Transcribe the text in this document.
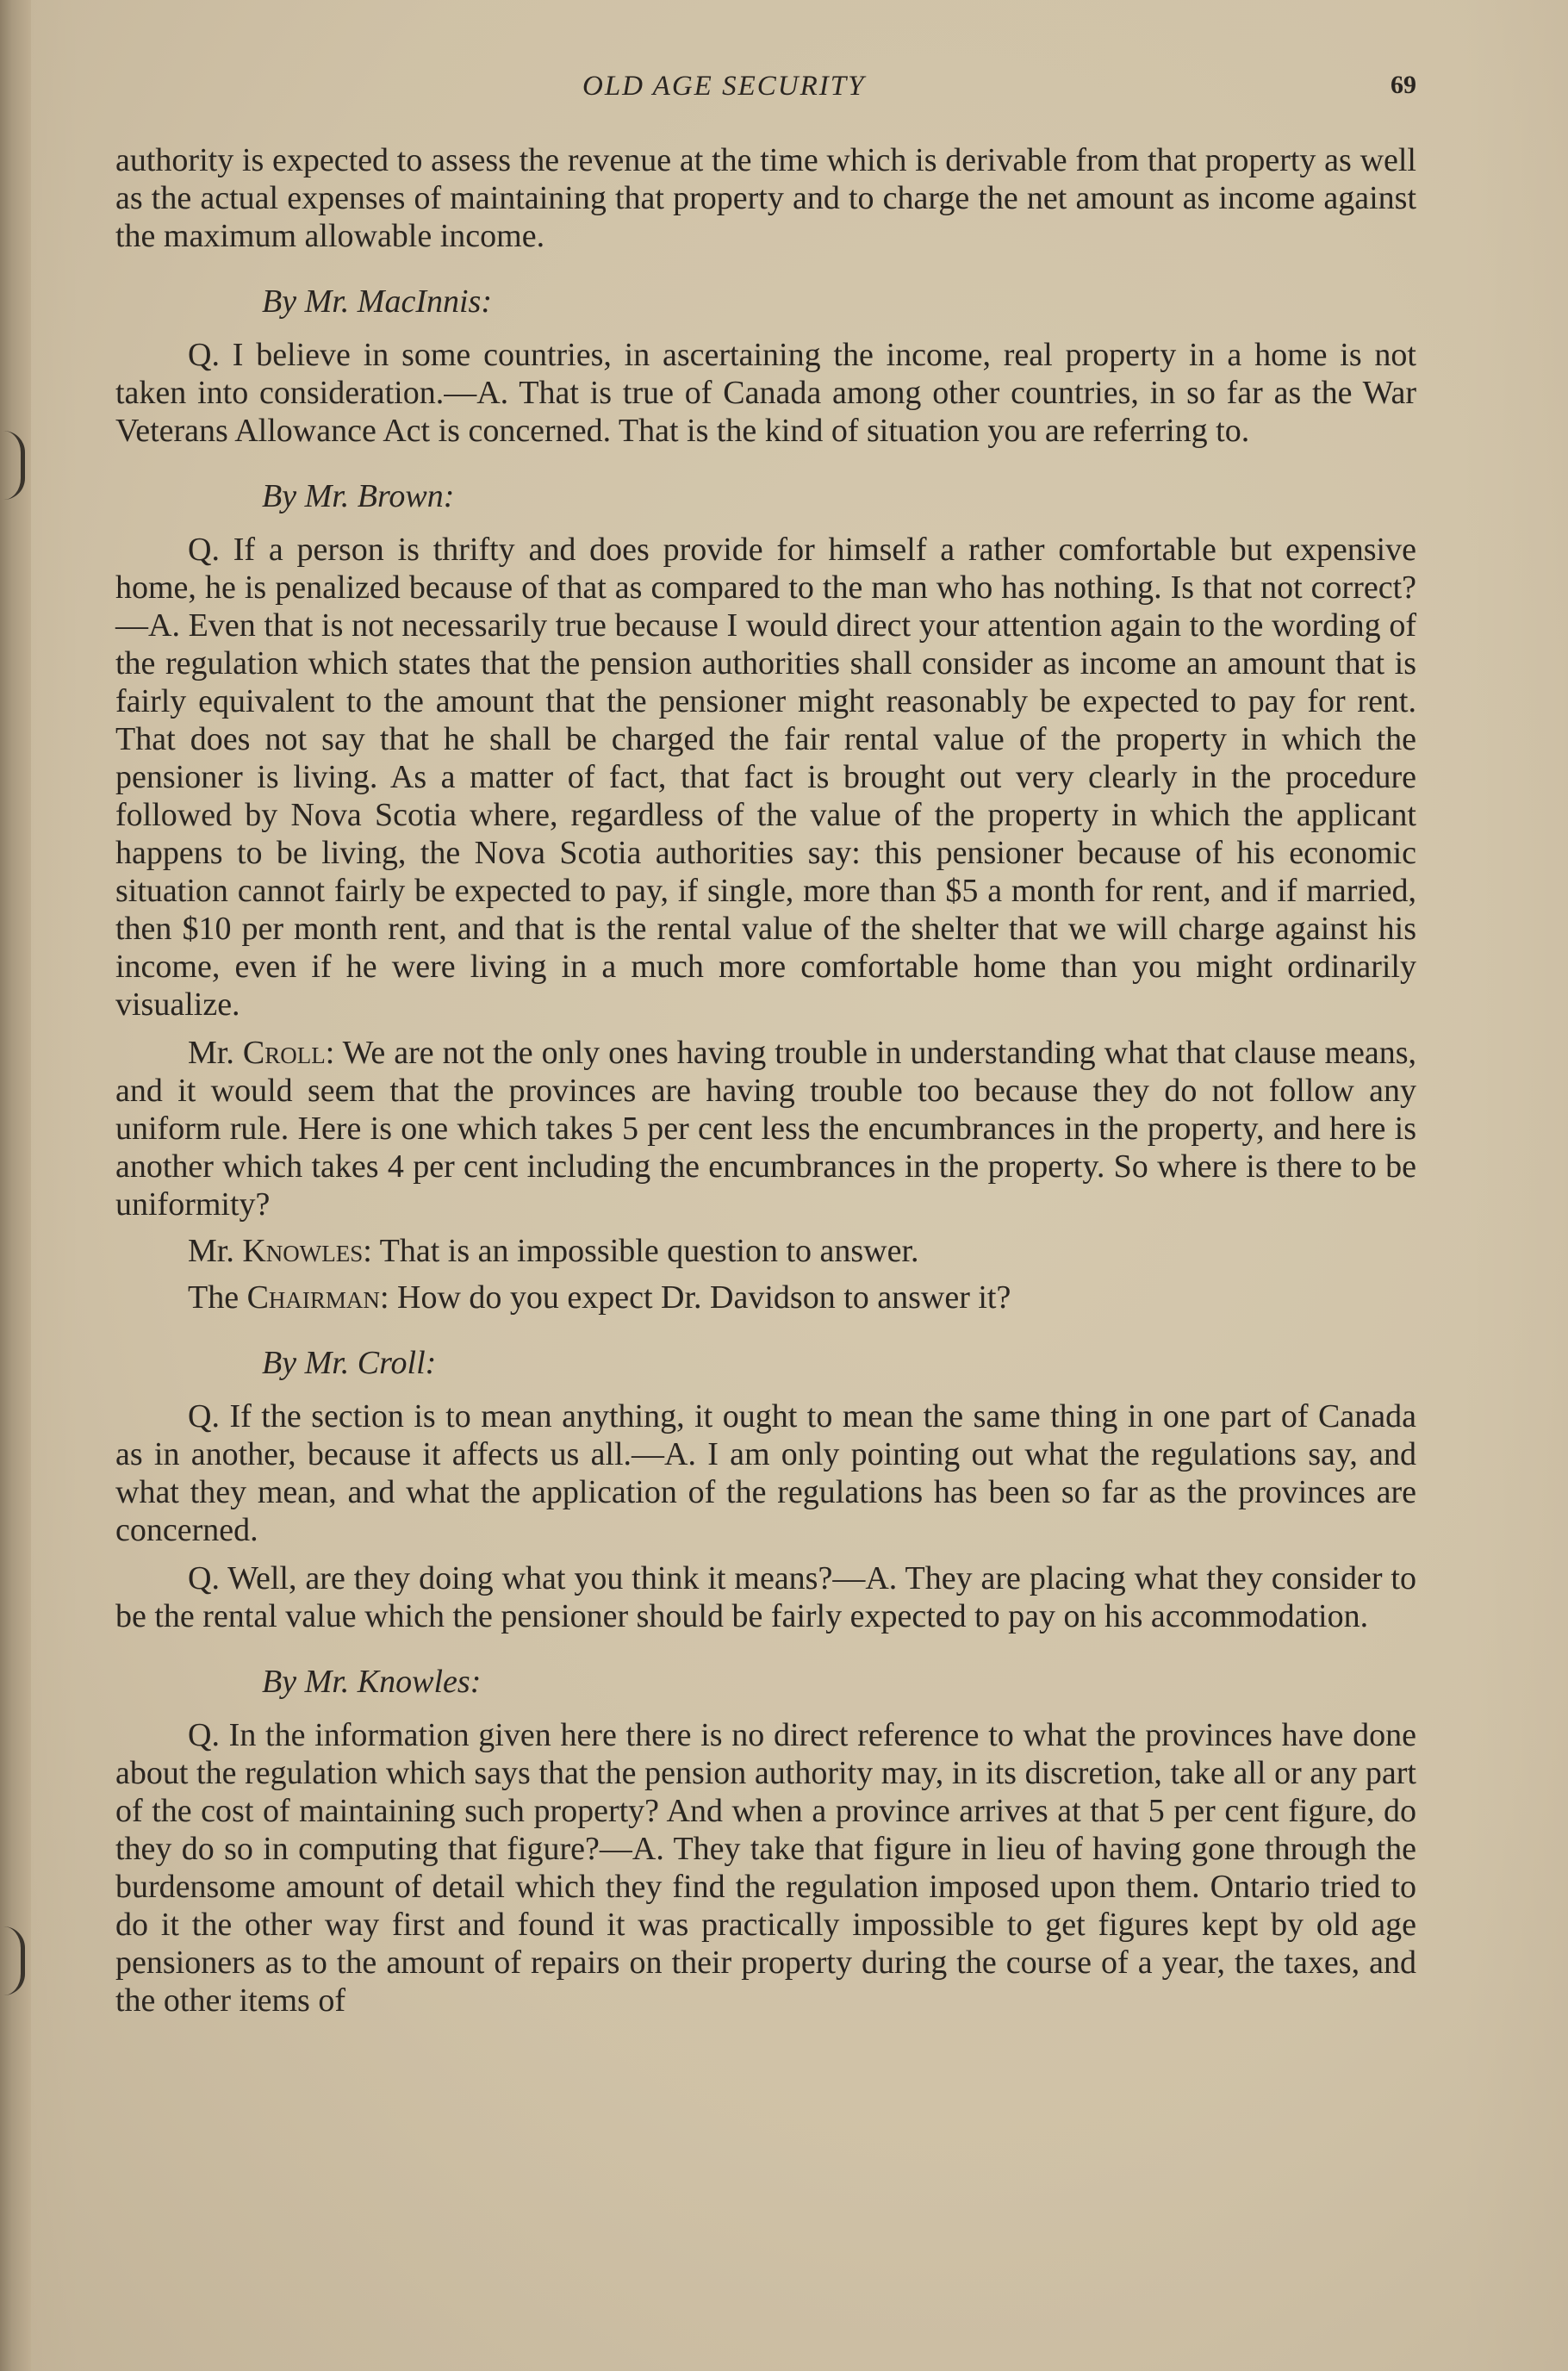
OLD AGE SECURITY	69

authority is expected to assess the revenue at the time which is derivable from that property as well as the actual expenses of maintaining that property and to charge the net amount as income against the maximum allowable income.

By Mr. MacInnis:

Q. I believe in some countries, in ascertaining the income, real property in a home is not taken into consideration.—A. That is true of Canada among other countries, in so far as the War Veterans Allowance Act is concerned. That is the kind of situation you are referring to.

By Mr. Brown:

Q. If a person is thrifty and does provide for himself a rather comfortable but expensive home, he is penalized because of that as compared to the man who has nothing. Is that not correct?—A. Even that is not necessarily true because I would direct your attention again to the wording of the regulation which states that the pension authorities shall consider as income an amount that is fairly equivalent to the amount that the pensioner might reasonably be expected to pay for rent. That does not say that he shall be charged the fair rental value of the property in which the pensioner is living. As a matter of fact, that fact is brought out very clearly in the procedure followed by Nova Scotia where, regardless of the value of the property in which the applicant happens to be living, the Nova Scotia authorities say: this pensioner because of his economic situation cannot fairly be expected to pay, if single, more than $5 a month for rent, and if married, then $10 per month rent, and that is the rental value of the shelter that we will charge against his income, even if he were living in a much more comfortable home than you might ordinarily visualize.

Mr. Croll: We are not the only ones having trouble in understanding what that clause means, and it would seem that the provinces are having trouble too because they do not follow any uniform rule. Here is one which takes 5 per cent less the encumbrances in the property, and here is another which takes 4 per cent including the encumbrances in the property. So where is there to be uniformity?

Mr. Knowles: That is an impossible question to answer.

The Chairman: How do you expect Dr. Davidson to answer it?

By Mr. Croll:

Q. If the section is to mean anything, it ought to mean the same thing in one part of Canada as in another, because it affects us all.—A. I am only pointing out what the regulations say, and what they mean, and what the application of the regulations has been so far as the provinces are concerned.

Q. Well, are they doing what you think it means?—A. They are placing what they consider to be the rental value which the pensioner should be fairly expected to pay on his accommodation.

By Mr. Knowles:

Q. In the information given here there is no direct reference to what the provinces have done about the regulation which says that the pension authority may, in its discretion, take all or any part of the cost of maintaining such property? And when a province arrives at that 5 per cent figure, do they do so in computing that figure?—A. They take that figure in lieu of having gone through the burdensome amount of detail which they find the regulation imposed upon them. Ontario tried to do it the other way first and found it was practically impossible to get figures kept by old age pensioners as to the amount of repairs on their property during the course of a year, the taxes, and the other items of
